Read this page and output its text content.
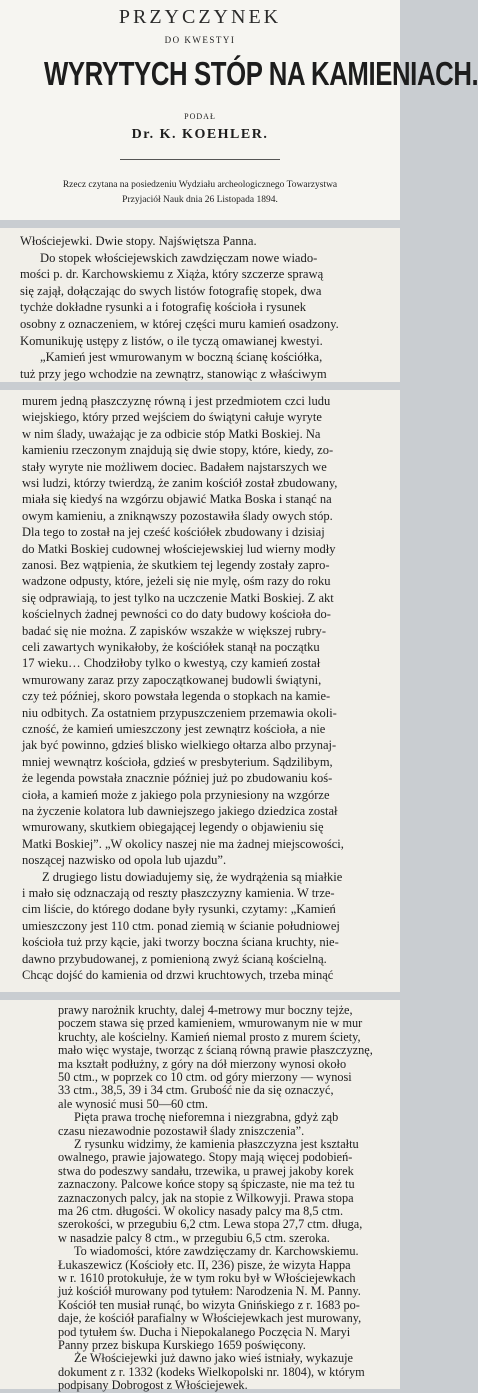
PRZYCZYNEK
DO KWESTYI
WYRYTYCH STÓP NA KAMIENIACH.
PODAŁ
Dr. K. KOEHLER.
Rzecz czytana na posiedzeniu Wydziału archeologicznego Towarzystwa
Przyjaciół Nauk dnia 26 Listopada 1894.
Włościejewki. Dwie stopy. Najświętsza Panna.
Do stopek włościejewskich zawdzięczam nowe wiado-
mości p. dr. Karchowskiemu z Xiąża, który szczerze sprawą
się zajął, dołączając do swych listów fotografię stopek, dwa
tychże dokładne rysunki a i fotografię kościoła i rysunek
osobny z oznaczeniem, w której części muru kamień osadzony.
Komunikuję ustępy z listów, o ile tyczą omawianej kwestyi.
„Kamień jest wmurowanym w boczną ścianę kościółka,
tuż przy jego wchodzie na zewnątrz, stanowiąc z właściwym
murem jedną płaszczyznę równą i jest przedmiotem czci ludu
wiejskiego, który przed wejściem do świątyni całuje wyryte
w nim ślady, uważając je za odbicie stóp Matki Boskiej. Na
kamieniu rzeczonym znajdują się dwie stopy, które, kiedy, zo-
stały wyryte nie możliwem dociec. Badałem najstarszych we
wsi ludzi, którzy twierdzą, że zanim kościół został zbudowany,
miała się kiedyś na wzgórzu objawić Matka Boska i stanąć na
owym kamieniu, a zniknąwszy pozostawiła ślady owych stóp.
Dla tego to został na jej cześć kościółek zbudowany i dzisiaj
do Matki Boskiej cudownej włościejewskiej lud wierny modły
zanosi. Bez wątpienia, że skutkiem tej legendy zostały zapro-
wadzone odpusty, które, jeżeli się nie mylę, ośm razy do roku
się odprawiają, to jest tylko na uczczenie Matki Boskiej. Z akt
kościelnych żadnej pewności co do daty budowy kościoła do-
badać się nie można. Z zapisków wszakże w większej rubry-
celi zawartych wynikałoby, że kościółek stanął na początku
17 wieku… Chodziłoby tylko o kwestyą, czy kamień został
wmurowany zaraz przy zapoczątkowanej budowli świątyni,
czy też później, skoro powstała legenda o stopkach na kamie-
niu odbitych. Za ostatniem przypuszczeniem przemawia okoli-
czność, że kamień umieszczony jest zewnątrz kościoła, a nie
jak być powinno, gdzieś blisko wielkiego ołtarza albo przynaj-
mniej wewnątrz kościoła, gdzieś w presbyterium. Sądzilibym,
że legenda powstała znacznie później już po zbudowaniu koś-
cioła, a kamień może z jakiego pola przyniesiony na wzgórze
na życzenie kolatora lub dawniejszego jakiego dziedzica został
wmurowany, skutkiem obiegającej legendy o objawieniu się
Matki Boskiej”. „W okolicy naszej nie ma żadnej miejscowości,
noszącej nazwisko od opola lub ujazdu”.
Z drugiego listu dowiadujemy się, że wydrążenia są miałkie
i mało się odznaczają od reszty płaszczyzny kamienia. W trze-
cim liście, do którego dodane były rysunki, czytamy: „Kamień
umieszczony jest 110 ctm. ponad ziemią w ścianie południowej
kościoła tuż przy kącie, jaki tworzy boczna ściana kruchty, nie-
dawno przybudowanej, z pomienioną zwyż ścianą kościelną.
Chcąc dojść do kamienia od drzwi kruchtowych, trzeba minąć
prawy narożnik kruchty, dalej 4-metrowy mur boczny tejże,
poczem stawa się przed kamieniem, wmurowanym nie w mur
kruchty, ale kościelny. Kamień niemal prosto z murem ściety,
mało więc wystaje, tworząc z ścianą równą prawie płaszczyznę,
ma kształt podłużny, z góry na dół mierzony wynosi około
50 ctm., w poprzek co 10 ctm. od góry mierzony — wynosi
33 ctm., 38,5, 39 i 34 ctm. Grubość nie da się oznaczyć,
ale wynosić musi 50—60 ctm.
Pięta prawa trochę nieforemna i niezgrabna, gdyż ząb
czasu niezawodnie pozostawił ślady zniszczenia”.
Z rysunku widzimy, że kamienia płaszczyzna jest kształtu
owalnego, prawie jajowatego. Stopy mają więcej podobień-
stwa do podeszwy sandału, trzewika, u prawej jakoby korek
zaznaczony. Palcowe końce stopy są śpiczaste, nie ma też tu
zaznaczonych palcy, jak na stopie z Wilkowyji. Prawa stopa
ma 26 ctm. długości. W okolicy nasady palcy ma 8,5 ctm.
szerokości, w przegubiu 6,2 ctm. Lewa stopa 27,7 ctm. długa,
w nasadzie palcy 8 ctm., w przegubiu 6,5 ctm. szeroka.
To wiadomości, które zawdzięczamy dr. Karchowskiemu.
Łukaszewicz (Kościoły etc. II, 236) pisze, że wizyta Happa
w r. 1610 protokułuje, że w tym roku był w Włościejewkach
już kościół murowany pod tytułem: Narodzenia N. M. Panny.
Kościół ten musiał runąć, bo wizyta Gnińskiego z r. 1683 po-
daje, że kościół parafialny w Włościejewkach jest murowany,
pod tytułem św. Ducha i Niepokalanego Poczęcia N. Maryi
Panny przez biskupa Kurskiego 1659 poświęcony.
Że Włościejewki już dawno jako wieś istniały, wykazuje
dokument z r. 1332 (kodeks Wielkopolski nr. 1804), w którym
podpisany Dobrogost z Włościejewek.
